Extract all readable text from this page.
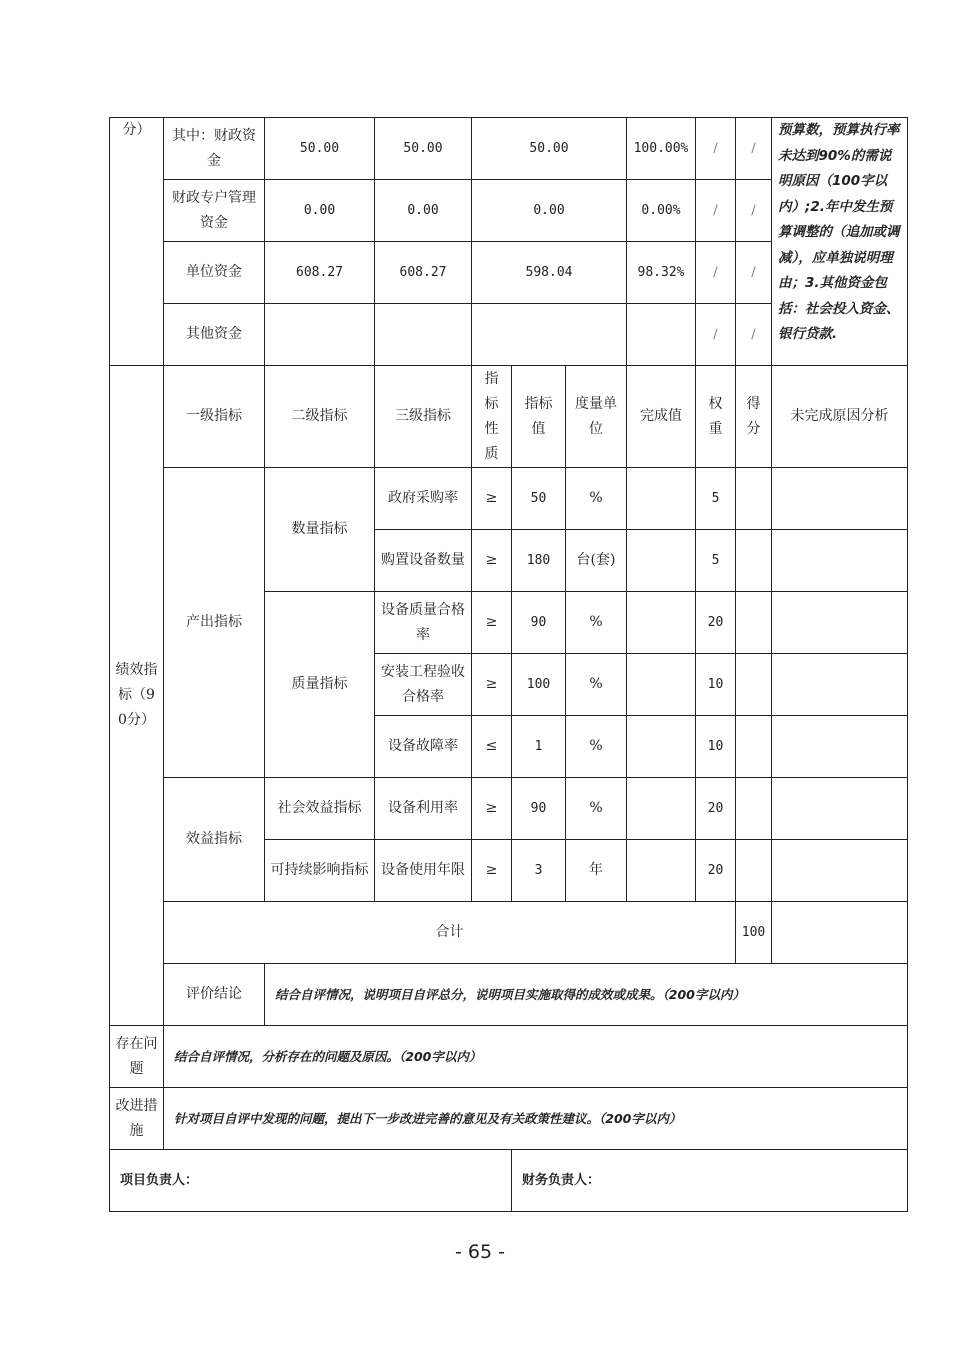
分）	其中：财政资金	50.00	50.00	50.00			100.00%	/	/	预算数，预算执行率未达到90%的需说明原因（100字以内）;2.年中发生预算调整的（追加或调减），应单独说明理由；3.其他资金包括：社会投入资金、银行贷款.	
	财政专户管理资金	0.00	0.00	0.00			0.00%	/	/		
	单位资金	608.27	608.27	598.04			98.32%	/	/		
	其他资金							/	/		
绩效指标（90分）	一级指标	二级指标	三级指标	指标性质	指标值	度量单位	完成值	权重	得分	未完成原因分析	
	产出指标	数量指标	政府采购率	≥	50	%		5			
			购置设备数量	≥	180	台(套)		5			
		质量指标	设备质量合格率	≥	90	%		20			
			安装工程验收合格率	≥	100	%		10			
			设备故障率	≤	1	%		10			
	效益指标	社会效益指标	设备利用率	≥	90	%		20			
		可持续影响指标	设备使用年限	≥	3	年		20			
	合计								100		
	评价结论	结合自评情况，说明项目自评总分，说明项目实施取得的成效或成果。（200字以内）									
存在问题	结合自评情况，分析存在的问题及原因。（200字以内）										
改进措施	针对项目自评中发现的问题，提出下一步改进完善的意见及有关政策性建议。（200字以内）										
项目负责人：					财务负责人：						
- 65 -
